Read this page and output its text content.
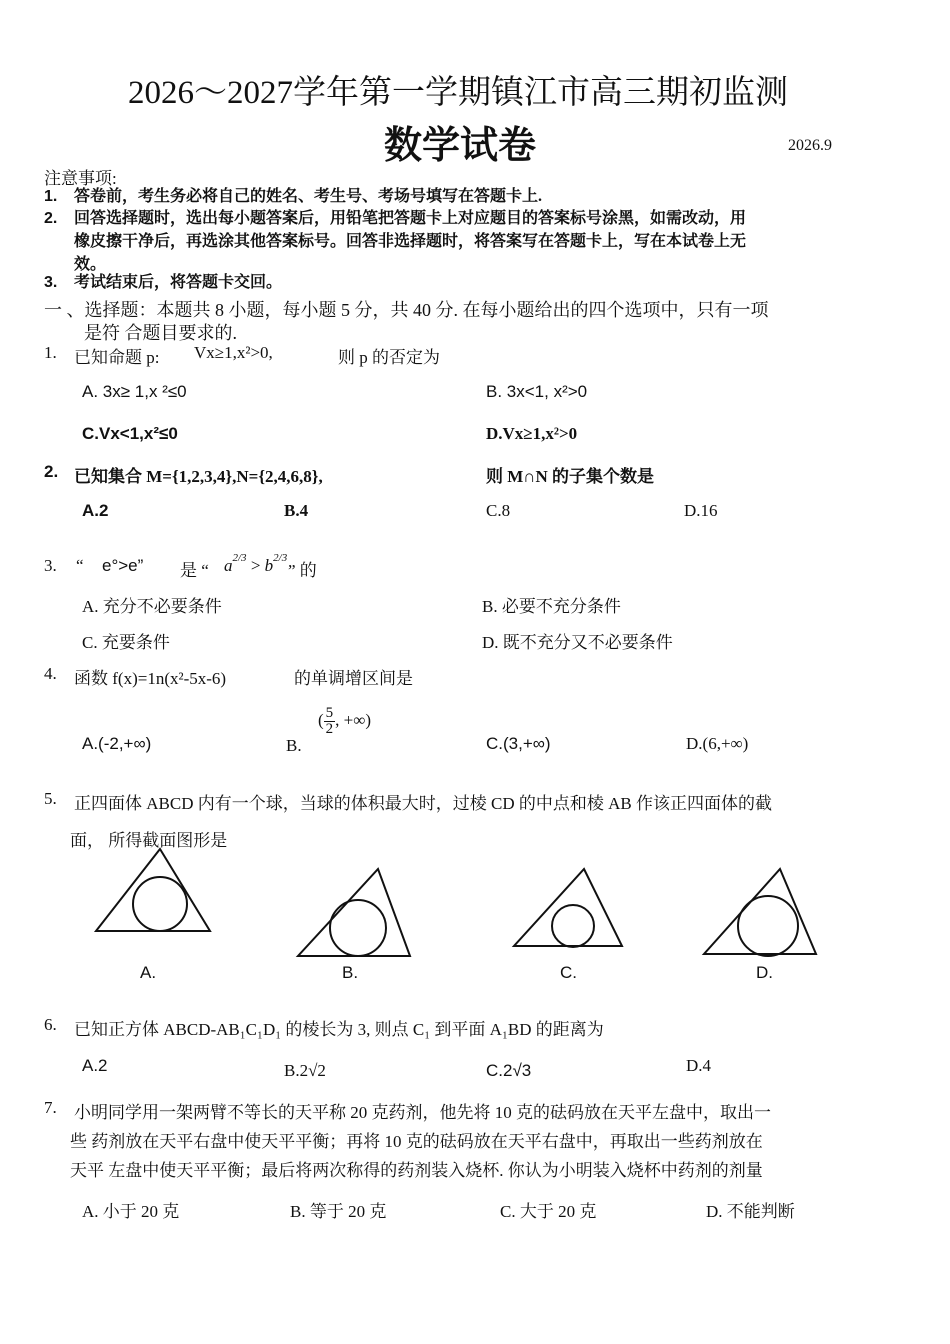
2026～2027学年第一学期镇江市高三期初监测
数学试卷	2026.9
注意事项:
1. 答卷前，考生务必将自己的姓名、考生号、考场号填写在答题卡上.
2. 回答选择题时，选出每小题答案后，用铅笔把答题卡上对应题目的答案标号涂黑，如需改动，用
橡皮擦干净后，再选涂其他答案标号。回答非选择题时，将答案写在答题卡上，写在本试卷上无
效。
3. 考试结束后，将答题卡交回。
一 、选择题：本题共 8 小题，每小题 5 分，共 40 分. 在每小题给出的四个选项中，只有一项
是符 合题目要求的.
1. 已知命题 p: Vx≥1,x²>0,	则 p 的否定为
A. 3x≥ 1,x ²≤0	B. 3x<1, x²>0
C.Vx<1,x²≤0	D.Vx≥1,x²>0
2. 已知集合 M={1,2,3,4},N={2,4,6,8},	则 M∩N 的子集个数是
A.2	B.4	C.8	D.16
3. “ e°>e” 是 “ $a^{2/3} > b^{2/3}$
” 的
A. 充分不必要条件	B. 必要不充分条件
C. 充要条件	D. 既不充分又不必要条件
4. 函数 f(x)=1n(x²-5x-6)	的单调增区间是
A.(-2,+∞)	B.
( $\frac{5}{2}$ , +∞)
C.(3,+∞)	D.(6,+∞)
5. 正四面体 ABCD 内有一个球，当球的体积最大时，过棱 CD 的中点和棱 AB 作该正四面体的截
面， 所得截面图形是
A.	B.	C.	D.
6. 已知正方体 ABCD-AB₁C₁D₁ 的棱长为 3, 则点 C₁ 到平面 A₁BD 的距离为
A.2	B.2√2	C.2√3	D.4
7. 小明同学用一架两臂不等长的天平称 20 克药剂，他先将 10 克的砝码放在天平左盘中，取出一
些 药剂放在天平右盘中使天平平衡；再将 10 克的砝码放在天平右盘中，再取出一些药剂放在
天平 左盘中使天平平衡；最后将两次称得的药剂装入烧杯. 你认为小明装入烧杯中药剂的剂量
A. 小于 20 克	B. 等于 20 克	C. 大于 20 克	D. 不能判断
